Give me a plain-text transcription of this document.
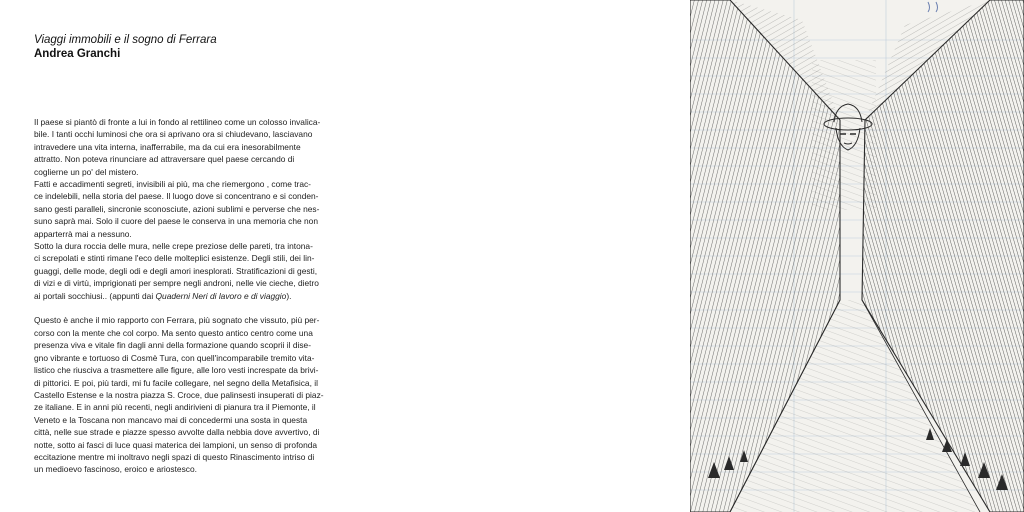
Viaggi immobili e il sogno di Ferrara
Andrea Granchi

Il paese si piantò di fronte a lui in fondo al rettilineo come un colosso invalica-
bile. I tanti occhi luminosi che ora si aprivano ora si chiudevano, lasciavano
intravedere una vita interna, inafferrabile, ma da cui era inesorabilmente
attratto. Non poteva rinunciare ad attraversare quel paese cercando di
coglierne un po' del mistero.
Fatti e accadimenti segreti, invisibili ai più, ma che riemergono , come trac-
ce indelebili, nella storia del paese. Il luogo dove si concentrano e si conden-
sano gesti paralleli, sincronie sconosciute, azioni sublimi e perverse che nes-
suno saprà mai. Solo il cuore del paese le conserva in una memoria che non
apparterrà mai a nessuno.
Sotto la dura roccia delle mura, nelle crepe preziose delle pareti, tra intona-
ci screpolati e stinti rimane l'eco delle molteplici esistenze. Degli stili, dei lin-
guaggi, delle mode, degli odi e degli amori inesplorati. Stratificazioni di gesti,
di vizi e di virtù, imprigionati per sempre negli androni, nelle vie cieche, dietro
ai portali socchiusi.. (appunti dai Quaderni Neri di lavoro e di viaggio).

Questo è anche il mio rapporto con Ferrara, più sognato che vissuto, più per-
corso con la mente che col corpo. Ma sento questo antico centro come una
presenza viva e vitale fin dagli anni della formazione quando scoprii il dise-
gno vibrante e tortuoso di Cosmè Tura, con quell'incomparabile tremito vita-
listico che riusciva a trasmettere alle figure, alle loro vesti increspate da brivi-
di pittorici. E poi, più tardi, mi fu facile collegare, nel segno della Metafisica, il
Castello Estense e la nostra piazza S. Croce, due palinsesti insuperati di piaz-
ze italiane. E in anni più recenti, negli andirivieni di pianura tra il Piemonte, il
Veneto e la Toscana non mancavo mai di concedermi una sosta in questa
città, nelle sue strade e piazze spesso avvolte dalla nebbia dove avvertivo, di
notte, sotto ai fasci di luce quasi materica dei lampioni, un senso di profonda
eccitazione mentre mi inoltravo negli spazi di questo Rinascimento intriso di
un medioevo fascinoso, eroico e ariostesco.
